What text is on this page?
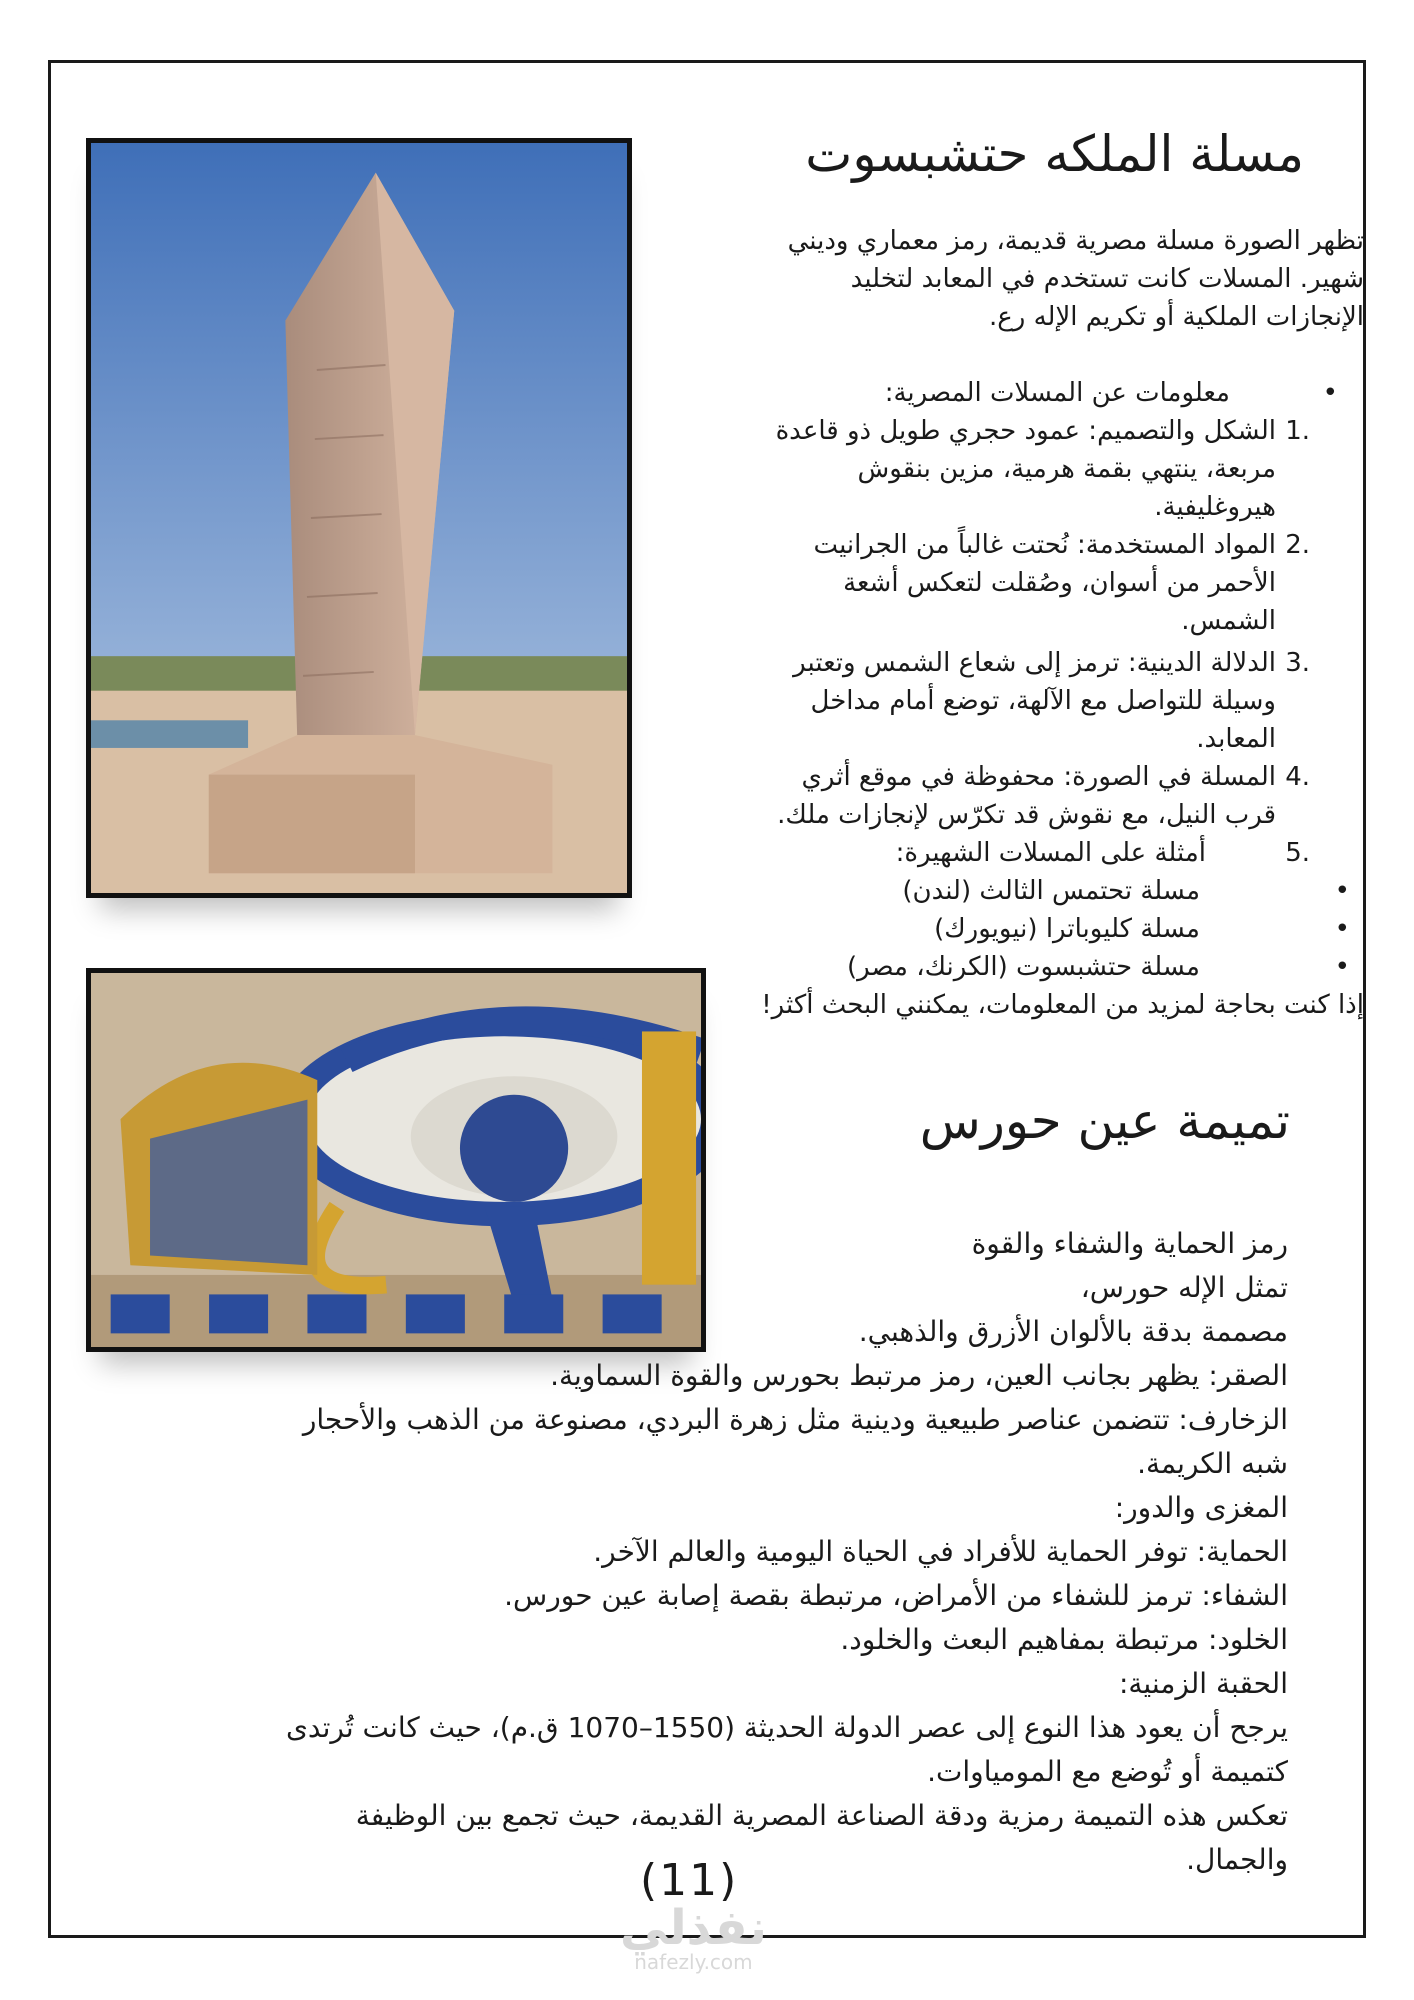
مسلة الملكه حتشبسوت

تظهر الصورة مسلة مصرية قديمة، رمز معماري وديني شهير. المسلات كانت تستخدم في المعابد لتخليد الإنجازات الملكية أو تكريم الإله رع.

•
معلومات عن المسلات المصرية:
.1
الشكل والتصميم: عمود حجري طويل ذو قاعدة مربعة، ينتهي بقمة هرمية، مزين بنقوش هيروغليفية.
.2
المواد المستخدمة: نُحتت غالباً من الجرانيت الأحمر من أسوان، وصُقلت لتعكس أشعة الشمس.
.3
الدلالة الدينية: ترمز إلى شعاع الشمس وتعتبر وسيلة للتواصل مع الآلهة، توضع أمام مداخل المعابد.
.4
المسلة في الصورة: محفوظة في موقع أثري قرب النيل، مع نقوش قد تكرّس لإنجازات ملك.
.5
أمثلة على المسلات الشهيرة:
•
مسلة تحتمس الثالث (لندن)
•
مسلة كليوباترا (نيويورك)
•
مسلة حتشبسوت (الكرنك، مصر)

إذا كنت بحاجة لمزيد من المعلومات، يمكنني البحث أكثر!

تميمة عين حورس

رمز الحماية والشفاء والقوة

تمثل الإله حورس،

مصممة بدقة بالألوان الأزرق والذهبي.

الصقر: يظهر بجانب العين، رمز مرتبط بحورس والقوة السماوية.

الزخارف: تتضمن عناصر طبيعية ودينية مثل زهرة البردي، مصنوعة من الذهب والأحجار شبه الكريمة.

المغزى والدور:

الحماية: توفر الحماية للأفراد في الحياة اليومية والعالم الآخر.

الشفاء: ترمز للشفاء من الأمراض، مرتبطة بقصة إصابة عين حورس.

الخلود: مرتبطة بمفاهيم البعث والخلود.

الحقبة الزمنية:

يرجح أن يعود هذا النوع إلى عصر الدولة الحديثة (1550–1070 ق.م)، حيث كانت تُرتدى كتميمة أو تُوضع مع المومياوات.

تعكس هذه التميمة رمزية ودقة الصناعة المصرية القديمة، حيث تجمع بين الوظيفة والجمال.

(11)
نفذلي
nafezly.com
